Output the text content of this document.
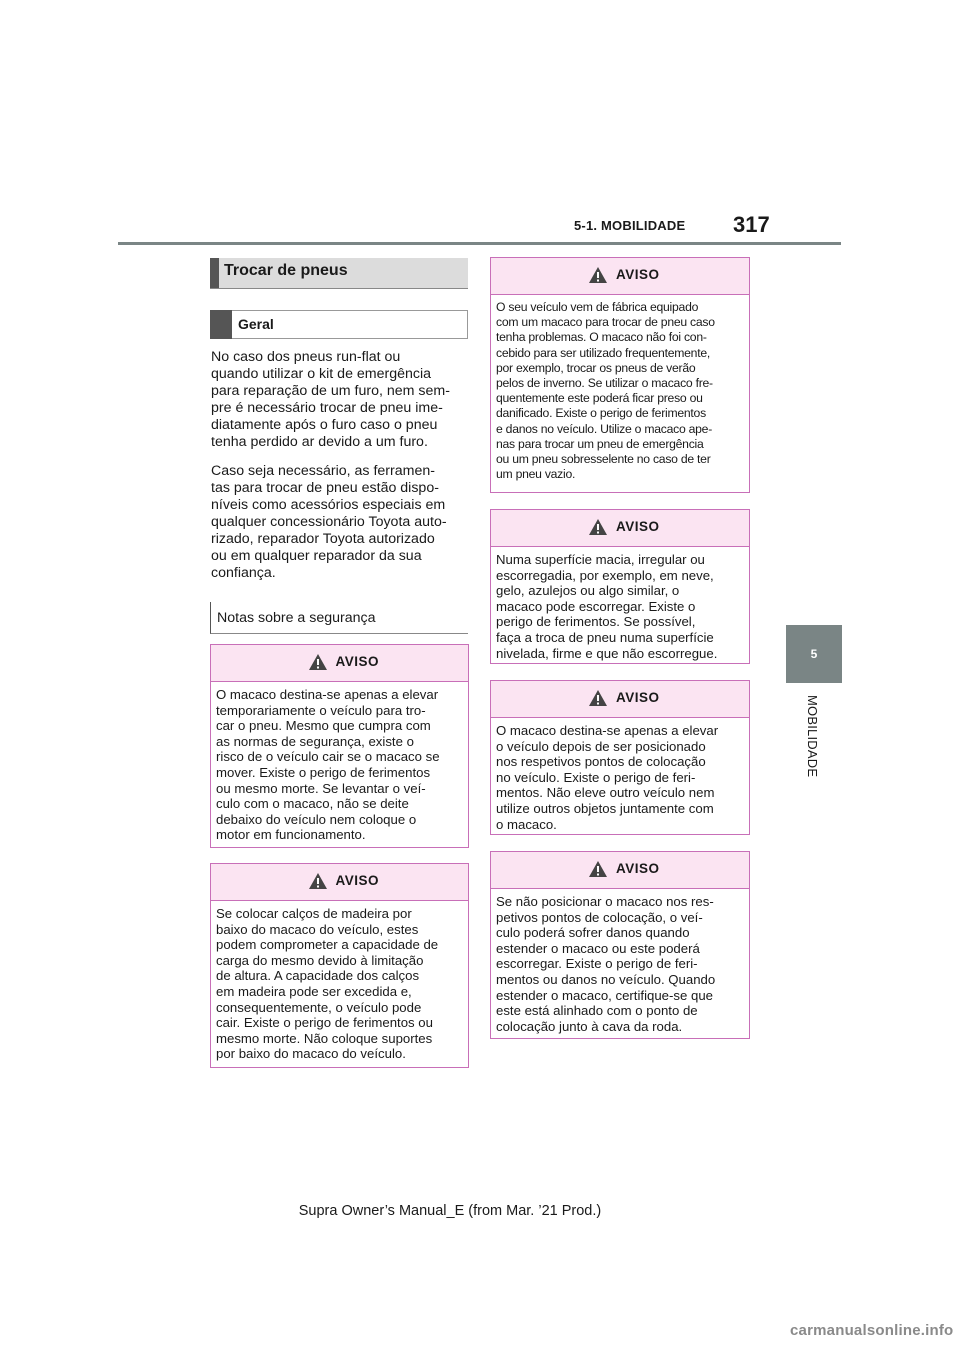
5-1. MOBILIDADE 317
5
MOBILIDADE
Trocar de pneus
Geral
No caso dos pneus run-flat ou
quando utilizar o kit de emergência
para reparação de um furo, nem sem-
pre é necessário trocar de pneu ime-
diatamente após o furo caso o pneu
tenha perdido ar devido a um furo.
Caso seja necessário, as ferramen-
tas para trocar de pneu estão dispo-
níveis como acessórios especiais em
qualquer concessionário Toyota auto-
rizado, reparador Toyota autorizado
ou em qualquer reparador da sua
confiança.
Notas sobre a segurança
AVISO
O macaco destina-se apenas a elevar
temporariamente o veículo para tro-
car o pneu. Mesmo que cumpra com
as normas de segurança, existe o
risco de o veículo cair se o macaco se
mover. Existe o perigo de ferimentos
ou mesmo morte. Se levantar o veí-
culo com o macaco, não se deite
debaixo do veículo nem coloque o
motor em funcionamento.
AVISO
Se colocar calços de madeira por
baixo do macaco do veículo, estes
podem comprometer a capacidade de
carga do mesmo devido à limitação
de altura. A capacidade dos calços
em madeira pode ser excedida e,
consequentemente, o veículo pode
cair. Existe o perigo de ferimentos ou
mesmo morte. Não coloque suportes
por baixo do macaco do veículo.
AVISO
O seu veículo vem de fábrica equipado
com um macaco para trocar de pneu caso
tenha problemas. O macaco não foi con-
cebido para ser utilizado frequentemente,
por exemplo, trocar os pneus de verão
pelos de inverno. Se utilizar o macaco fre-
quentemente este poderá ficar preso ou
danificado. Existe o perigo de ferimentos
e danos no veículo. Utilize o macaco ape-
nas para trocar um pneu de emergência
ou um pneu sobresselente no caso de ter
um pneu vazio.
AVISO
Numa superfície macia, irregular ou
escorregadia, por exemplo, em neve,
gelo, azulejos ou algo similar, o
macaco pode escorregar. Existe o
perigo de ferimentos. Se possível,
faça a troca de pneu numa superfície
nivelada, firme e que não escorregue.
AVISO
O macaco destina-se apenas a elevar
o veículo depois de ser posicionado
nos respetivos pontos de colocação
no veículo. Existe o perigo de feri-
mentos. Não eleve outro veículo nem
utilize outros objetos juntamente com
o macaco.
AVISO
Se não posicionar o macaco nos res-
petivos pontos de colocação, o veí-
culo poderá sofrer danos quando
estender o macaco ou este poderá
escorregar. Existe o perigo de feri-
mentos ou danos no veículo. Quando
estender o macaco, certifique-se que
este está alinhado com o ponto de
colocação junto à cava da roda.
Supra Owner’s Manual_E (from Mar. ’21 Prod.)
carmanualsonline.info
